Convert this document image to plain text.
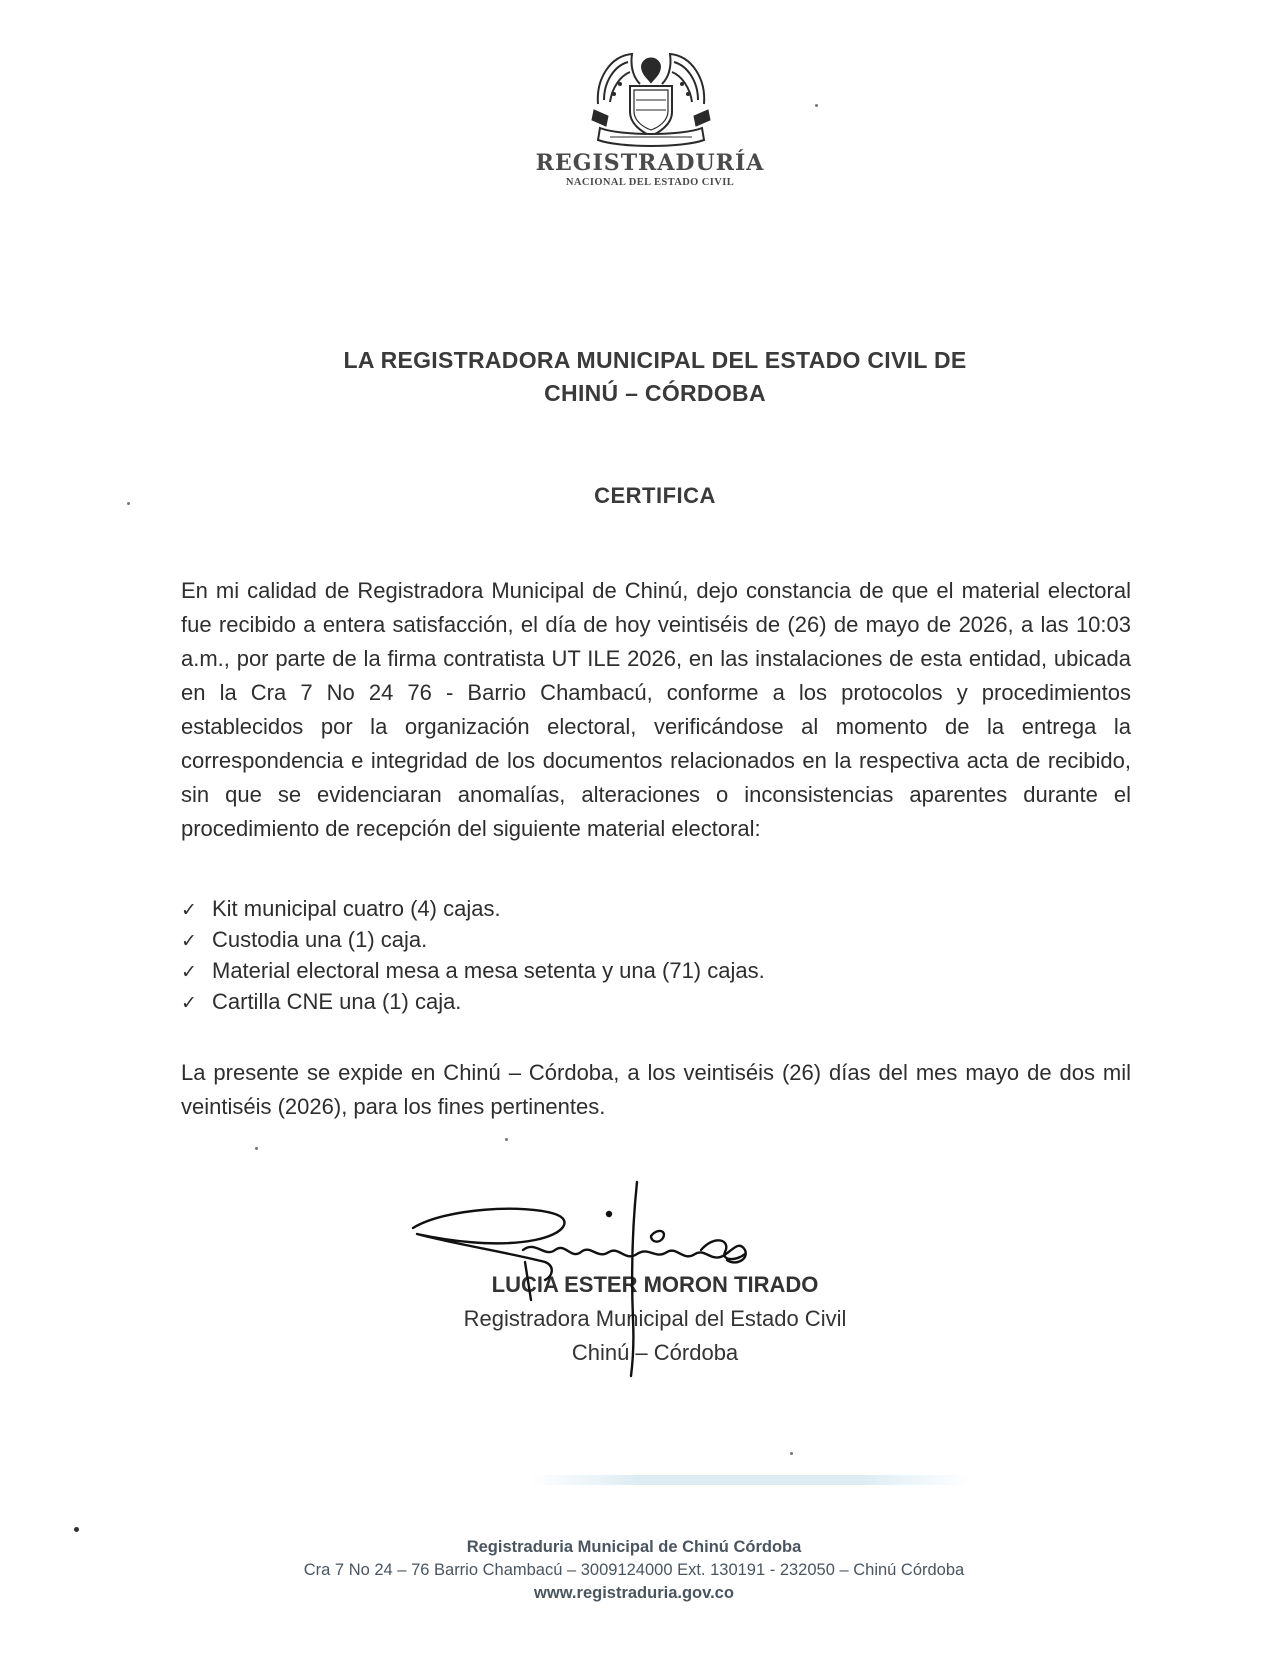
REGISTRADURÍA
NACIONAL DEL ESTADO CIVIL
LA REGISTRADORA MUNICIPAL DEL ESTADO CIVIL DE
CHINÚ – CÓRDOBA
CERTIFICA

En mi calidad de Registradora Municipal de Chinú, dejo constancia de que el material electoral fue recibido a entera satisfacción, el día de hoy veintiséis de (26) de mayo de 2026, a las 10:03 a.m., por parte de la firma contratista UT ILE 2026, en las instalaciones de esta entidad, ubicada en la Cra 7 No 24 76 - Barrio Chambacú, conforme a los protocolos y procedimientos establecidos por la organización electoral, verificándose al momento de la entrega la correspondencia e integridad de los documentos relacionados en la respectiva acta de recibido, sin que se evidenciaran anomalías, alteraciones o inconsistencias aparentes durante el procedimiento de recepción del siguiente material electoral:

✓ Kit municipal cuatro (4) cajas.
✓ Custodia una (1) caja.
✓ Material electoral mesa a mesa setenta y una (71) cajas.
✓ Cartilla CNE una (1) caja.

La presente se expide en Chinú – Córdoba, a los veintiséis (26) días del mes mayo de dos mil veintiséis (2026), para los fines pertinentes.

LUCIA ESTER MORON TIRADO
Registradora Municipal del Estado Civil
Chinú – Córdoba
Registraduria Municipal de Chinú Córdoba
Cra 7 No 24 – 76 Barrio Chambacú – 3009124000 Ext. 130191 - 232050 – Chinú Córdoba
www.registraduria.gov.co
